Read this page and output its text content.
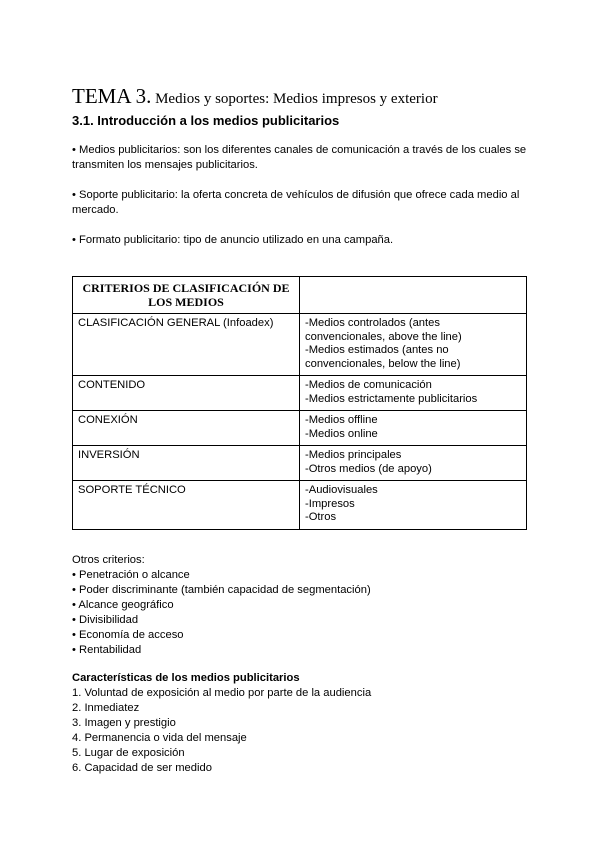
TEMA 3. Medios y soportes: Medios impresos y exterior
3.1. Introducción a los medios publicitarios

• Medios publicitarios: son los diferentes canales de comunicación a través de los cuales se transmiten los mensajes publicitarios.

• Soporte publicitario: la oferta concreta de vehículos de difusión que ofrece cada medio al mercado.

• Formato publicitario: tipo de anuncio utilizado en una campaña.

CRITERIOS DE CLASIFICACIÓN DE LOS MEDIOS	
CLASIFICACIÓN GENERAL (Infoadex)	-Medios controlados (antes convencionales, above the line)
-Medios estimados (antes no convencionales, below the line)

CONTENIDO	-Medios de comunicación
-Medios estrictamente publicitarios

CONEXIÓN	-Medios offline
-Medios online

INVERSIÓN	-Medios principales
-Otros medios (de apoyo)

SOPORTE TÉCNICO	-Audiovisuales
-Impresos
-Otros
Otros criterios:
• Penetración o alcance
• Poder discriminante (también capacidad de segmentación)
• Alcance geográfico
• Divisibilidad
• Economía de acceso
• Rentabilidad
Características de los medios publicitarios
1. Voluntad de exposición al medio por parte de la audiencia
2. Inmediatez
3. Imagen y prestigio
4. Permanencia o vida del mensaje
5. Lugar de exposición
6. Capacidad de ser medido
